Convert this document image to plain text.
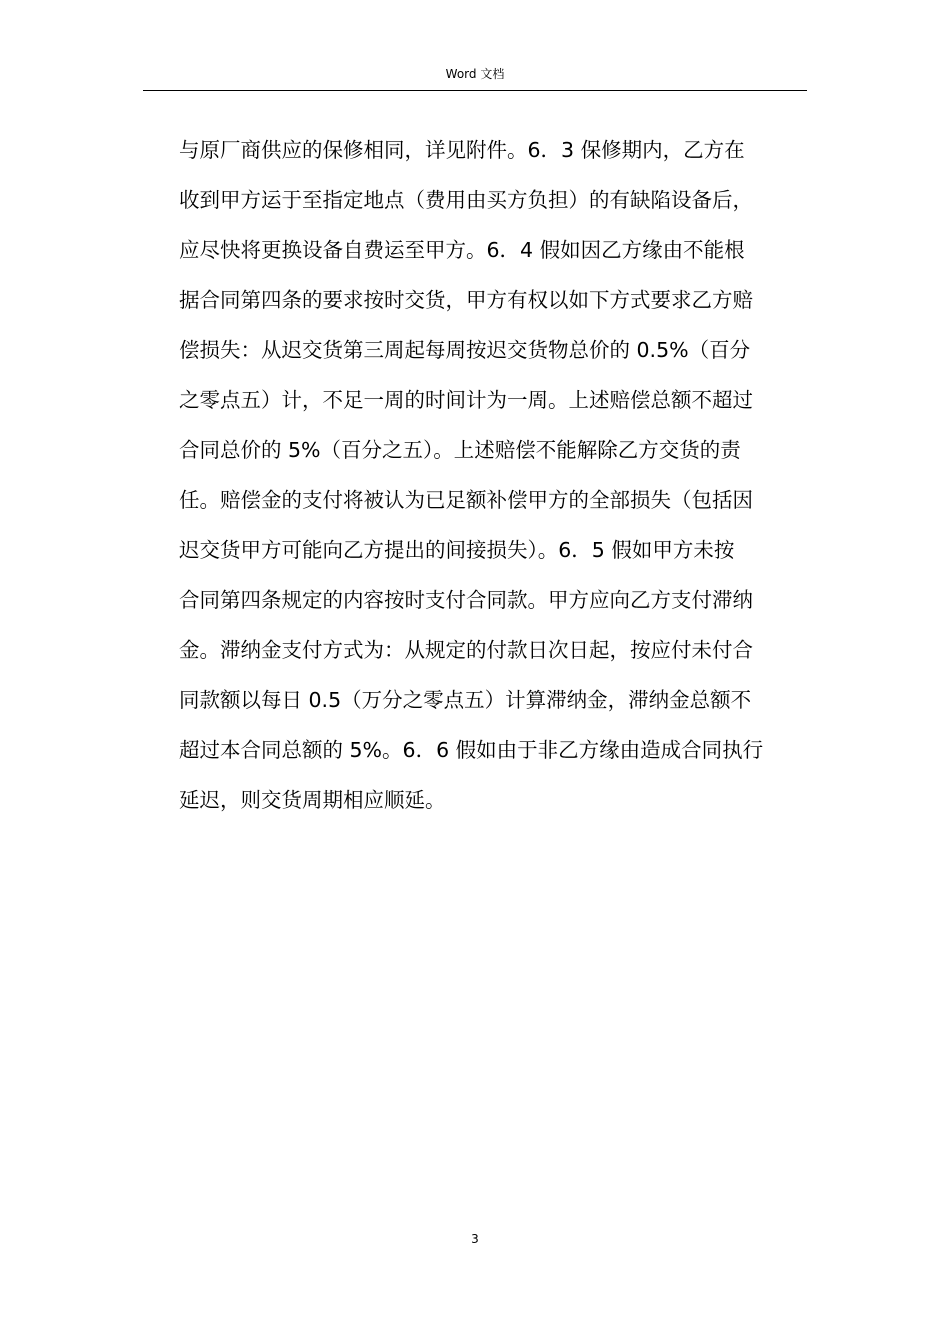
Word 文档
与原厂商供应的保修相同，详见附件。6．3 保修期内，乙方在
收到甲方运于至指定地点（费用由买方负担）的有缺陷设备后，
应尽快将更换设备自费运至甲方。6．4 假如因乙方缘由不能根
据合同第四条的要求按时交货，甲方有权以如下方式要求乙方赔
偿损失：从迟交货第三周起每周按迟交货物总价的 0.5%（百分
之零点五）计，不足一周的时间计为一周。上述赔偿总额不超过
合同总价的 5%（百分之五）。上述赔偿不能解除乙方交货的责
任。赔偿金的支付将被认为已足额补偿甲方的全部损失（包括因
迟交货甲方可能向乙方提出的间接损失）。6．5 假如甲方未按
合同第四条规定的内容按时支付合同款。甲方应向乙方支付滞纳
金。滞纳金支付方式为：从规定的付款日次日起，按应付未付合
同款额以每日 0.5（万分之零点五）计算滞纳金，滞纳金总额不
超过本合同总额的 5%。6．6 假如由于非乙方缘由造成合同执行
延迟，则交货周期相应顺延。
3
